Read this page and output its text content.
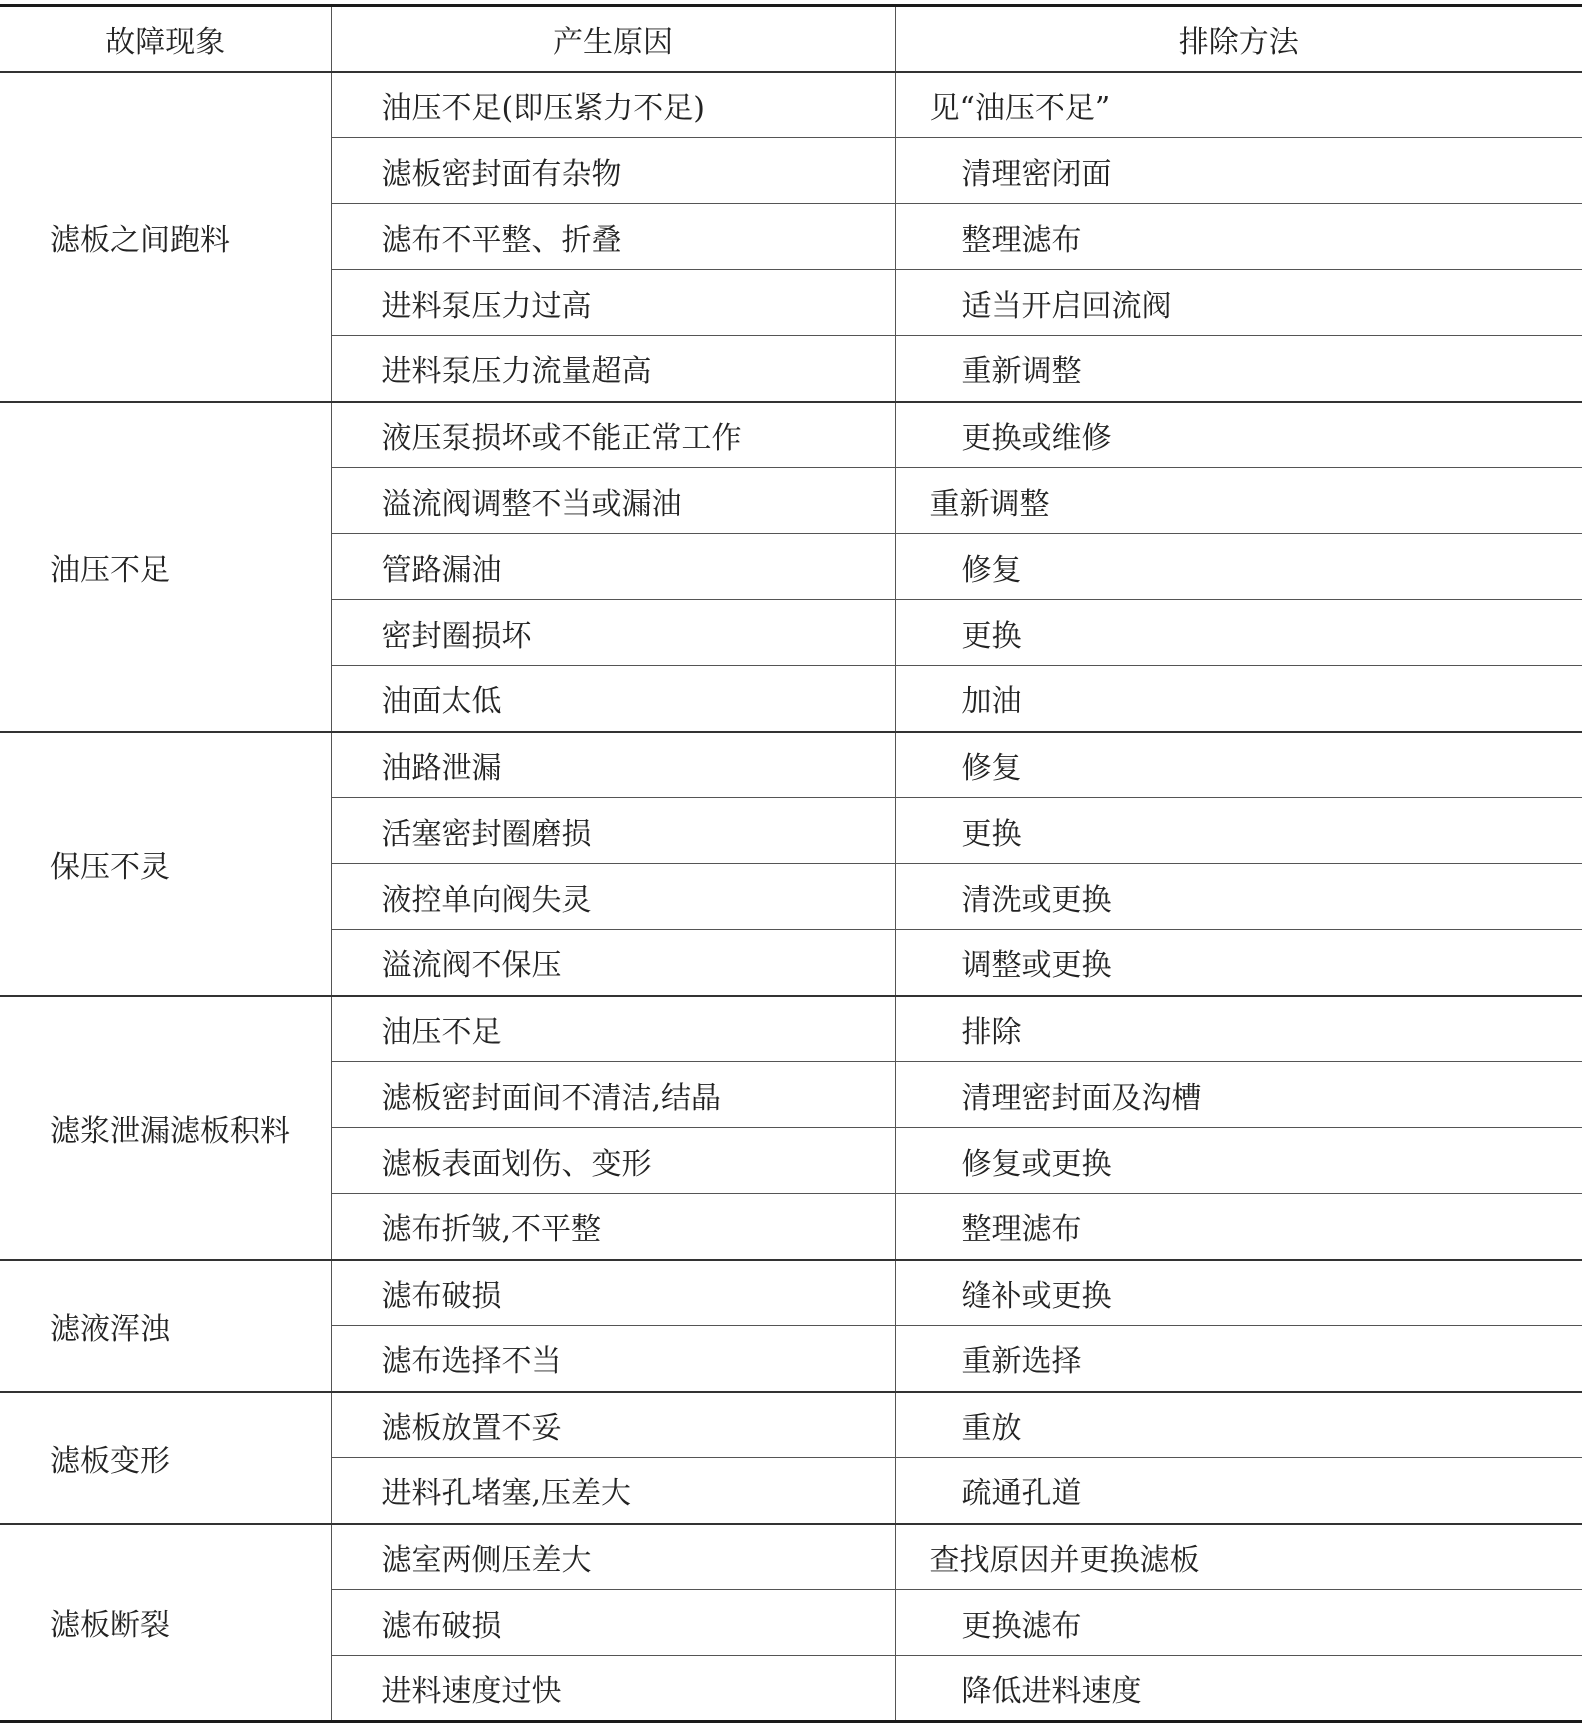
故障现象	产生原因	排除方法
滤板之间跑料	油压不足(即压紧力不足)	见“油压不足”
	滤板密封面有杂物	清理密闭面
	滤布不平整、折叠	整理滤布
	进料泵压力过高	适当开启回流阀
	进料泵压力流量超高	重新调整
油压不足	液压泵损坏或不能正常工作	更换或维修
	溢流阀调整不当或漏油	重新调整
	管路漏油	修复
	密封圈损坏	更换
	油面太低	加油
保压不灵	油路泄漏	修复
	活塞密封圈磨损	更换
	液控单向阀失灵	清洗或更换
	溢流阀不保压	调整或更换
滤浆泄漏滤板积料	油压不足	排除
	滤板密封面间不清洁,结晶	清理密封面及沟槽
	滤板表面划伤、变形	修复或更换
	滤布折皱,不平整	整理滤布
滤液浑浊	滤布破损	缝补或更换
	滤布选择不当	重新选择
滤板变形	滤板放置不妥	重放
	进料孔堵塞,压差大	疏通孔道
滤板断裂	滤室两侧压差大	查找原因并更换滤板
	滤布破损	更换滤布
	进料速度过快	降低进料速度
